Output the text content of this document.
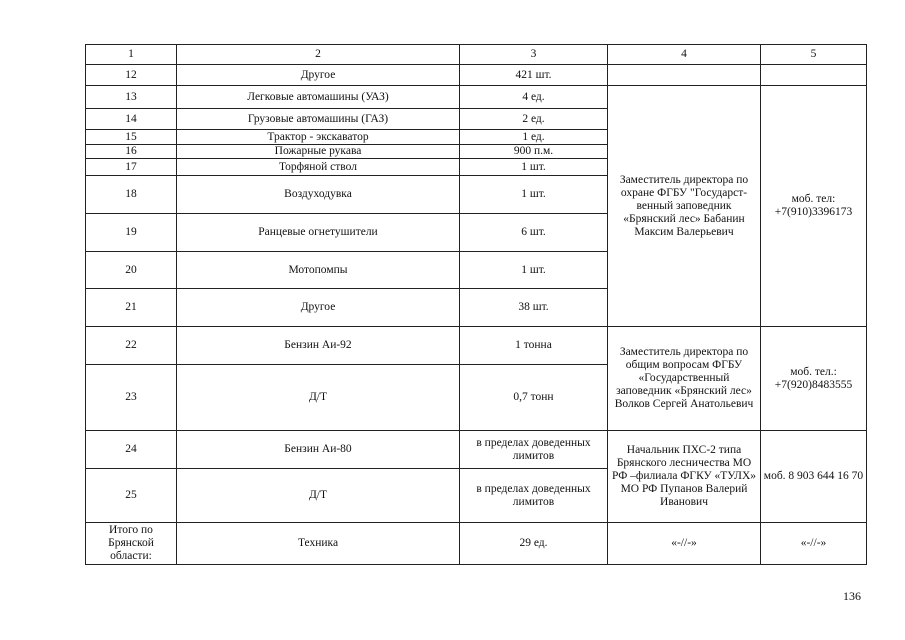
1	2	3	4	5
12	Другое	421 шт.		
13	Легковые автомашины (УАЗ)	4 ед.	Заместитель директора по охране ФГБУ "Государст-венный заповедник «Брянский лес» Бабанин Максим Валерьевич	моб. тел: +7(910)3396173
14	Грузовые автомашины (ГАЗ)	2 ед.		
15	Трактор - экскаватор	1 ед.		
16	Пожарные рукава	900 п.м.		
17	Торфяной ствол	1 шт.		
18	Воздуходувка	1 шт.		
19	Ранцевые огнетушители	6 шт.		
20	Мотопомпы	1 шт.		
21	Другое	38 шт.		
22	Бензин Аи-92	1 тонна	Заместитель директора по общим вопросам ФГБУ «Государственный заповедник «Брянский лес» Волков Сергей Анатольевич	моб. тел.: +7(920)8483555
23	Д/Т	0,7 тонн		
24	Бензин Аи-80	в пределах доведенных лимитов	Начальник ПХС-2 типа Брянского лесничества МО РФ –филиала ФГКУ «ТУЛХ» МО РФ Пупанов Валерий Иванович	моб. 8 903 644 16 70
25	Д/Т	в пределах доведенных лимитов		
Итого по Брянской области:	Техника	29 ед.	«-//-»	«-//-»
136
